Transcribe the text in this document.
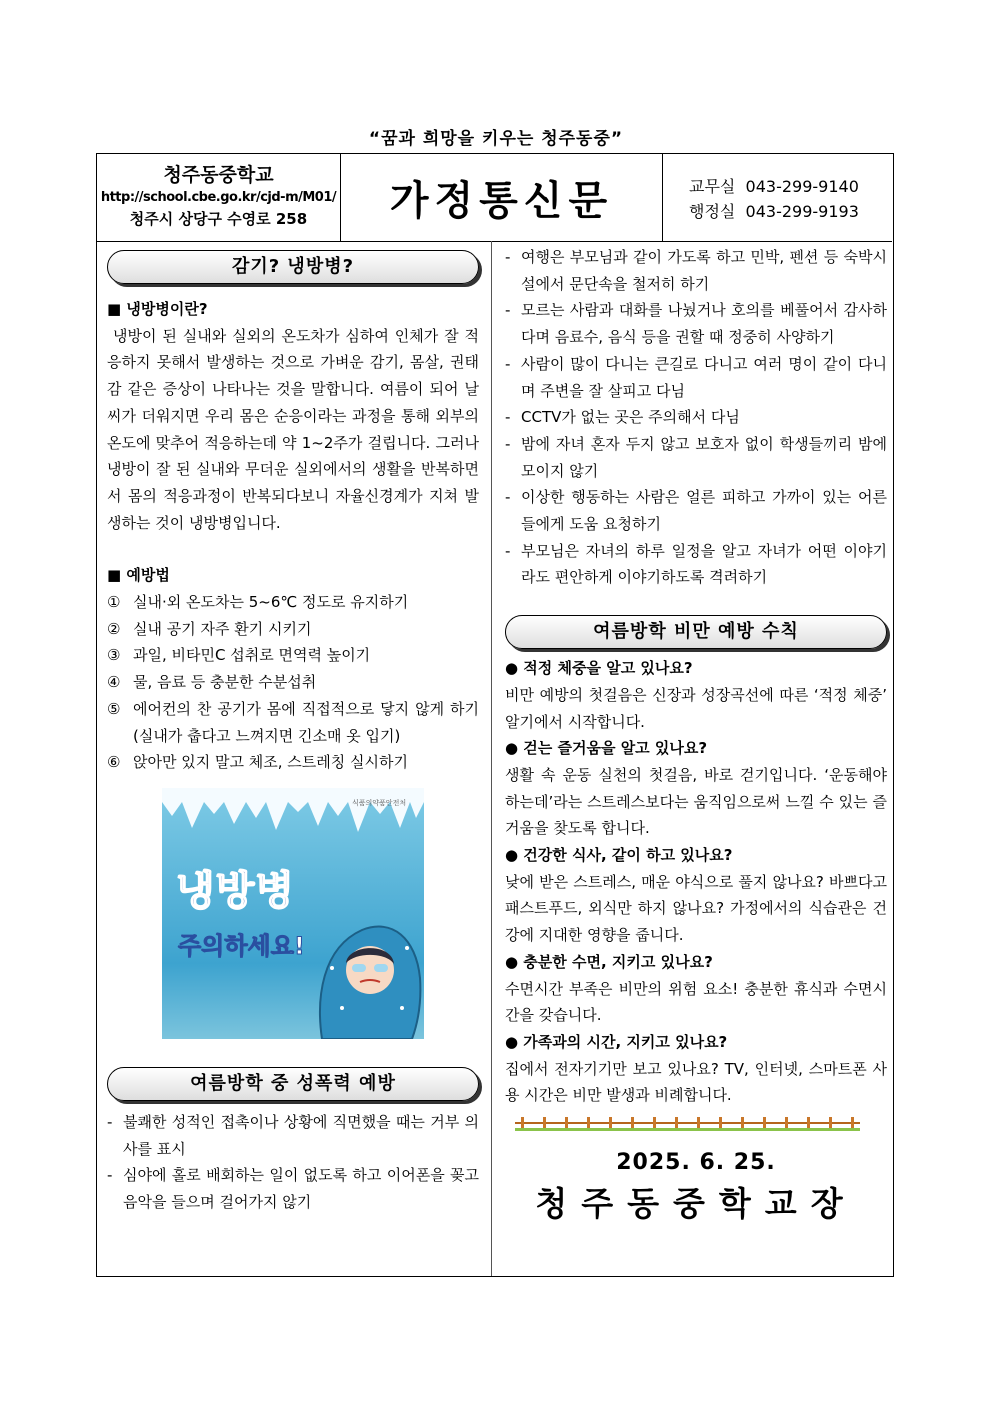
“꿈과 희망을 키우는 청주동중”
청주동중학교
http://school.cbe.go.kr/cjd-m/M01/
청주시 상당구 수영로 258	가정통신문	교무실 043-299-9140
행정실 043-299-9193
감기? 냉방병?

■ 냉방병이란?

냉방이 된 실내와 실외의 온도차가 심하여 인체가 잘 적응하지 못해서 발생하는 것으로 가벼운 감기, 몸살, 권태감 같은 증상이 나타나는 것을 말합니다. 여름이 되어 날씨가 더워지면 우리 몸은 순응이라는 과정을 통해 외부의 온도에 맞추어 적응하는데 약 1~2주가 걸립니다. 그러나 냉방이 잘 된 실내와 무더운 실외에서의 생활을 반복하면서 몸의 적응과정이 반복되다보니 자율신경계가 지쳐 발생하는 것이 냉방병입니다.

■ 예방법

① 실내·외 온도차는 5~6℃ 정도로 유지하기
② 실내 공기 자주 환기 시키기
③ 과일, 비타민C 섭취로 면역력 높이기
④ 물, 음료 등 충분한 수분섭취
⑤ 에어컨의 찬 공기가 몸에 직접적으로 닿지 않게 하기(실내가 춥다고 느껴지면 긴소매 옷 입기)
⑥ 앉아만 있지 말고 체조, 스트레칭 실시하기
식품의약품안전처
냉방병
주의하세요!
여름방학 중 성폭력 예방
- 불쾌한 성적인 접촉이나 상황에 직면했을 때는 거부 의사를 표시
- 심야에 홀로 배회하는 일이 없도록 하고 이어폰을 꽂고 음악을 들으며 걸어가지 않기
- 여행은 부모님과 같이 가도록 하고 민박, 펜션 등 숙박시설에서 문단속을 철저히 하기
- 모르는 사람과 대화를 나눴거나 호의를 베풀어서 감사하다며 음료수, 음식 등을 권할 때 정중히 사양하기
- 사람이 많이 다니는 큰길로 다니고 여러 명이 같이 다니며 주변을 잘 살피고 다님
- CCTV가 없는 곳은 주의해서 다님
- 밤에 자녀 혼자 두지 않고 보호자 없이 학생들끼리 밤에 모이지 않기
- 이상한 행동하는 사람은 얼른 피하고 가까이 있는 어른들에게 도움 요청하기
- 부모님은 자녀의 하루 일정을 알고 자녀가 어떤 이야기라도 편안하게 이야기하도록 격려하기
여름방학 비만 예방 수칙

● 적정 체중을 알고 있나요?

비만 예방의 첫걸음은 신장과 성장곡선에 따른 ‘적정 체중’ 알기에서 시작합니다.

● 걷는 즐거움을 알고 있나요?

생활 속 운동 실천의 첫걸음, 바로 걷기입니다. ‘운동해야 하는데’라는 스트레스보다는 움직임으로써 느낄 수 있는 즐거움을 찾도록 합니다.

● 건강한 식사, 같이 하고 있나요?

낮에 받은 스트레스, 매운 야식으로 풀지 않나요? 바쁘다고 패스트푸드, 외식만 하지 않나요? 가정에서의 식습관은 건강에 지대한 영향을 줍니다.

● 충분한 수면, 지키고 있나요?

수면시간 부족은 비만의 위험 요소! 충분한 휴식과 수면시간을 갖습니다.

● 가족과의 시간, 지키고 있나요?

집에서 전자기기만 보고 있나요? TV, 인터넷, 스마트폰 사용 시간은 비만 발생과 비례합니다.

2025. 6. 25.
청주동중학교장
